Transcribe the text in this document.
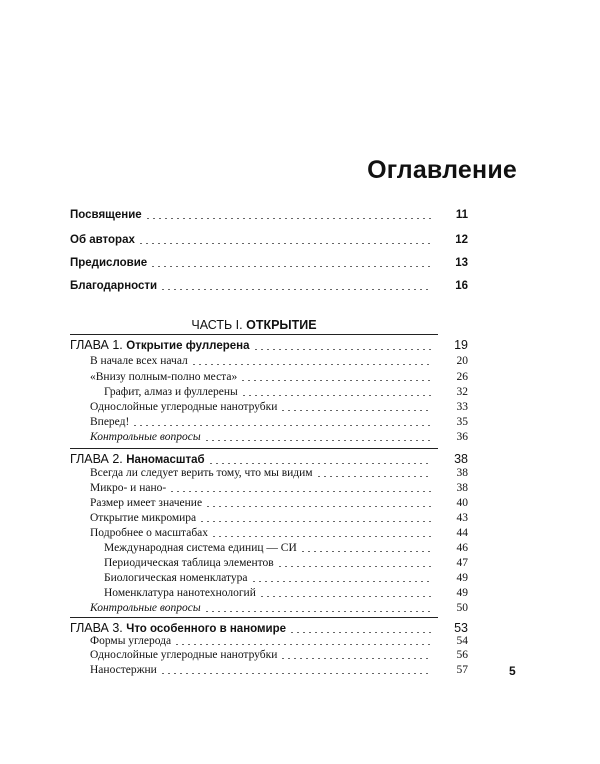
Оглавление
Посвящение	11
Об авторах	12
Предисловие	13
Благодарности	16
ЧАСТЬ I. ОТКРЫТИЕ
ГЛАВА 1. Открытие фуллерена	19
В начале всех начал	20
«Внизу полным-полно места»	26
Графит, алмаз и фуллерены	32
Однослойные углеродные нанотрубки	33
Вперед!	35
Контрольные вопросы	36
ГЛАВА 2. Наномасштаб	38
Всегда ли следует верить тому, что мы видим	38
Микро- и нано-	38
Размер имеет значение	40
Открытие микромира	43
Подробнее о масштабах	44
Международная система единиц — СИ	46
Периодическая таблица элементов	47
Биологическая номенклатура	49
Номенклатура нанотехнологий	49
Контрольные вопросы	50
ГЛАВА 3. Что особенного в наномире	53
Формы углерода	54
Однослойные углеродные нанотрубки	56
Наностержни	57	5
